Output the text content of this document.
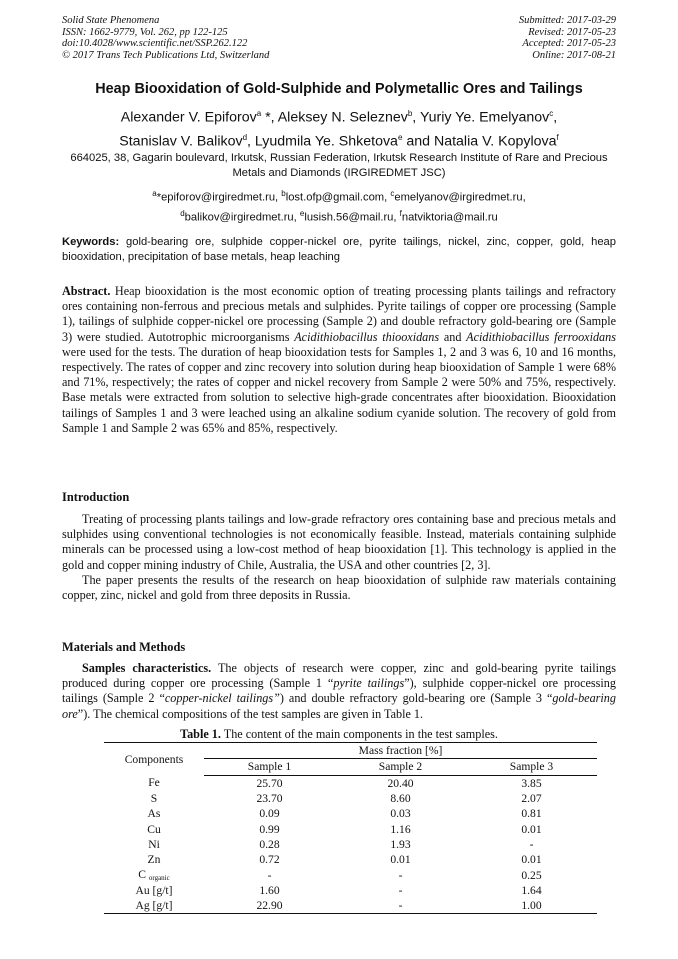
Solid State Phenomena
ISSN: 1662-9779, Vol. 262, pp 122-125
doi:10.4028/www.scientific.net/SSP.262.122
© 2017 Trans Tech Publications Ltd, Switzerland
Submitted: 2017-03-29
Revised: 2017-05-23
Accepted: 2017-05-23
Online: 2017-08-21
Heap Biooxidation of Gold-Sulphide and Polymetallic Ores and Tailings
Alexander V. Epiforov$^a$ *, Aleksey N. Seleznev$^b$, Yuriy Ye. Emelyanov$^c$,
Stanislav V. Balikov$^d$, Lyudmila Ye. Shketova$^e$ and Natalia V. Kopylova$^f$
664025, 38, Gagarin boulevard, Irkutsk, Russian Federation, Irkutsk Research Institute of Rare and Precious Metals and Diamonds (IRGIREDMET JSC)
$^a$*epiforov@irgiredmet.ru, $^b$lost.ofp@gmail.com, $^c$emelyanov@irgiredmet.ru,
$^d$balikov@irgiredmet.ru, $^e$lusish.56@mail.ru, $^f$natviktoria@mail.ru
Keywords: gold-bearing ore, sulphide copper-nickel ore, pyrite tailings, nickel, zinc, copper, gold, heap biooxidation, precipitation of base metals, heap leaching
Abstract. Heap biooxidation is the most economic option of treating processing plants tailings and refractory ores containing non-ferrous and precious metals and sulphides. Pyrite tailings of copper ore processing (Sample 1), tailings of sulphide copper-nickel ore processing (Sample 2) and double refractory gold-bearing ore (Sample 3) were studied. Autotrophic microorganisms Acidithiobacillus thiooxidans and Acidithiobacillus ferrooxidans were used for the tests. The duration of heap biooxidation tests for Samples 1, 2 and 3 was 6, 10 and 16 months, respectively. The rates of copper and zinc recovery into solution during heap biooxidation of Sample 1 were 68% and 71%, respectively; the rates of copper and nickel recovery from Sample 2 were 50% and 75%, respectively. Base metals were extracted from solution to selective high-grade concentrates after biooxidation. Biooxidation tailings of Samples 1 and 3 were leached using an alkaline sodium cyanide solution. The recovery of gold from Sample 1 and Sample 2 was 65% and 85%, respectively.
Introduction

Treating of processing plants tailings and low-grade refractory ores containing base and precious metals and sulphides using conventional technologies is not economically feasible. Instead, materials containing sulphide minerals can be processed using a low-cost method of heap biooxidation [1]. This technology is applied in the gold and copper mining industry of Chile, Australia, the USA and other countries [2, 3].

The paper presents the results of the research on heap biooxidation of sulphide raw materials containing copper, zinc, nickel and gold from three deposits in Russia.

Materials and Methods

Samples characteristics. The objects of research were copper, zinc and gold-bearing pyrite tailings produced during copper ore processing (Sample 1 “pyrite tailings”), sulphide copper-nickel ore processing tailings (Sample 2 “copper-nickel tailings”) and double refractory gold-bearing ore (Sample 3 “gold-bearing ore”). The chemical compositions of the test samples are given in Table 1.

Table 1. The content of the main components in the test samples.
Components	Mass fraction [%]		
	Sample 1	Sample 2	Sample 3
Fe	25.70	20.40	3.85
S	23.70	8.60	2.07
As	0.09	0.03	0.81
Cu	0.99	1.16	0.01
Ni	0.28	1.93	-
Zn	0.72	0.01	0.01
C organic	-	-	0.25
Au [g/t]	1.60	-	1.64
Ag [g/t]	22.90	-	1.00
